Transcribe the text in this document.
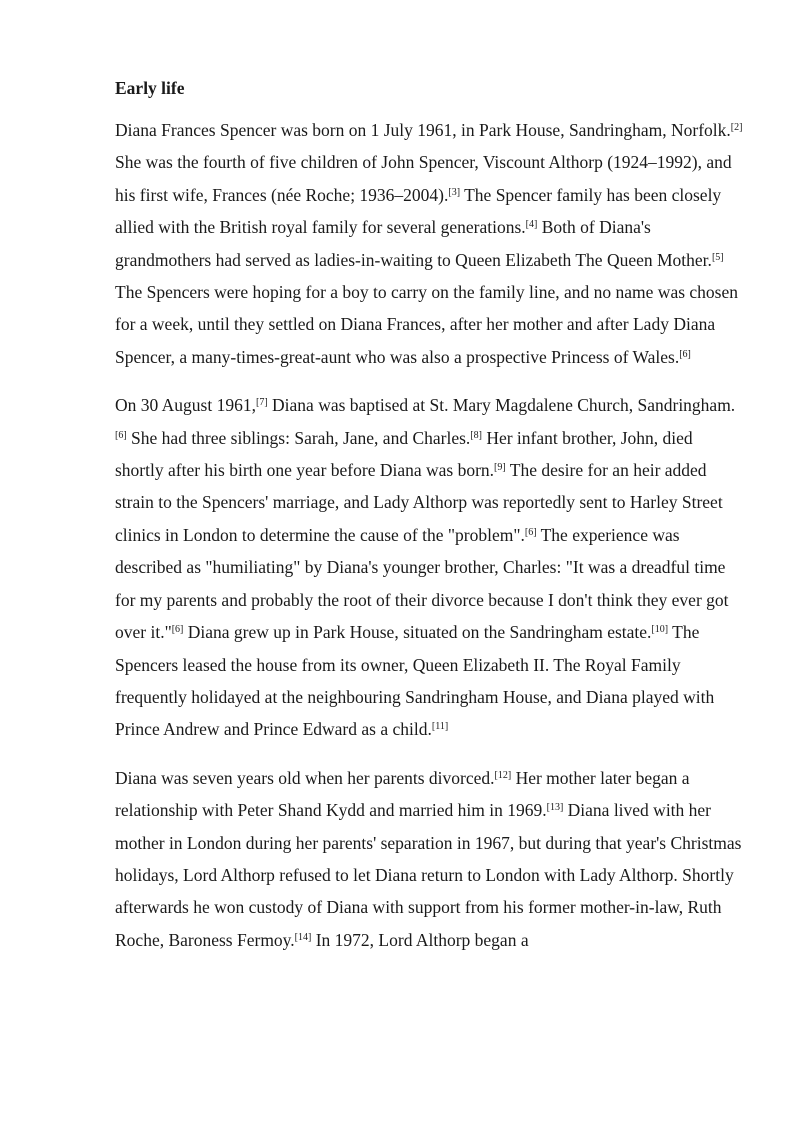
Early life
Diana Frances Spencer was born on 1 July 1961, in Park House, Sandringham, Norfolk.[2] She was the fourth of five children of John Spencer, Viscount Althorp (1924–1992), and his first wife, Frances (née Roche; 1936–2004).[3] The Spencer family has been closely allied with the British royal family for several generations.[4] Both of Diana's grandmothers had served as ladies-in-waiting to Queen Elizabeth The Queen Mother.[5] The Spencers were hoping for a boy to carry on the family line, and no name was chosen for a week, until they settled on Diana Frances, after her mother and after Lady Diana Spencer, a many-times-great-aunt who was also a prospective Princess of Wales.[6]
On 30 August 1961,[7] Diana was baptised at St. Mary Magdalene Church, Sandringham.[6] She had three siblings: Sarah, Jane, and Charles.[8] Her infant brother, John, died shortly after his birth one year before Diana was born.[9] The desire for an heir added strain to the Spencers' marriage, and Lady Althorp was reportedly sent to Harley Street clinics in London to determine the cause of the "problem".[6] The experience was described as "humiliating" by Diana's younger brother, Charles: "It was a dreadful time for my parents and probably the root of their divorce because I don't think they ever got over it."[6] Diana grew up in Park House, situated on the Sandringham estate.[10] The Spencers leased the house from its owner, Queen Elizabeth II. The Royal Family frequently holidayed at the neighbouring Sandringham House, and Diana played with Prince Andrew and Prince Edward as a child.[11]
Diana was seven years old when her parents divorced.[12] Her mother later began a relationship with Peter Shand Kydd and married him in 1969.[13] Diana lived with her mother in London during her parents' separation in 1967, but during that year's Christmas holidays, Lord Althorp refused to let Diana return to London with Lady Althorp. Shortly afterwards he won custody of Diana with support from his former mother-in-law, Ruth Roche, Baroness Fermoy.[14] In 1972, Lord Althorp began a
